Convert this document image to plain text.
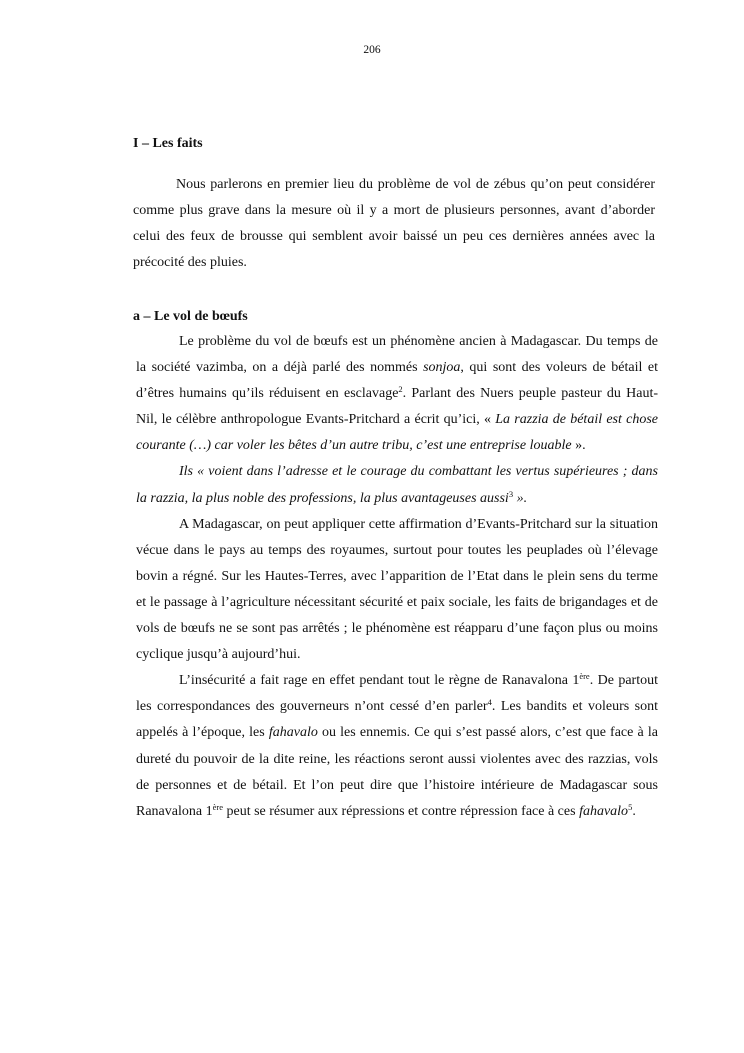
206
I – Les faits

Nous parlerons en premier lieu du problème de vol de zébus qu’on peut considérer comme plus grave dans la mesure où il y a mort de plusieurs personnes, avant d’aborder celui des feux de brousse qui semblent avoir baissé un peu ces dernières années avec la précocité des pluies.

a – Le vol de bœufs

Le problème du vol de bœufs est un phénomène ancien à Madagascar. Du temps de la société vazimba, on a déjà parlé des nommés sonjoa, qui sont des voleurs de bétail et d’êtres humains qu’ils réduisent en esclavage$^2$. Parlant des Nuers peuple pasteur du Haut-Nil, le célèbre anthropologue Evants-Pritchard a écrit qu’ici, « La razzia de bétail est chose courante (…) car voler les bêtes d’un autre tribu, c’est une entreprise louable ».

Ils « voient dans l’adresse et le courage du combattant les vertus supérieures ; dans la razzia, la plus noble des professions, la plus avantageuses aussi$^3$ ».

A Madagascar, on peut appliquer cette affirmation d’Evants-Pritchard sur la situation vécue dans le pays au temps des royaumes, surtout pour toutes les peuplades où l’élevage bovin a régné. Sur les Hautes-Terres, avec l’apparition de l’Etat dans le plein sens du terme et le passage à l’agriculture nécessitant sécurité et paix sociale, les faits de brigandages et de vols de bœufs ne se sont pas arrêtés ; le phénomène est réapparu d’une façon plus ou moins cyclique jusqu’à aujourd’hui.

L’insécurité a fait rage en effet pendant tout le règne de Ranavalona 1ère. De partout les correspondances des gouverneurs n’ont cessé d’en parler$^4$. Les bandits et voleurs sont appelés à l’époque, les fahavalo ou les ennemis. Ce qui s’est passé alors, c’est que face à la dureté du pouvoir de la dite reine, les réactions seront aussi violentes avec des razzias, vols de personnes et de bétail. Et l’on peut dire que l’histoire intérieure de Madagascar sous Ranavalona 1ère peut se résumer aux répressions et contre répression face à ces fahavalo$^5$.
